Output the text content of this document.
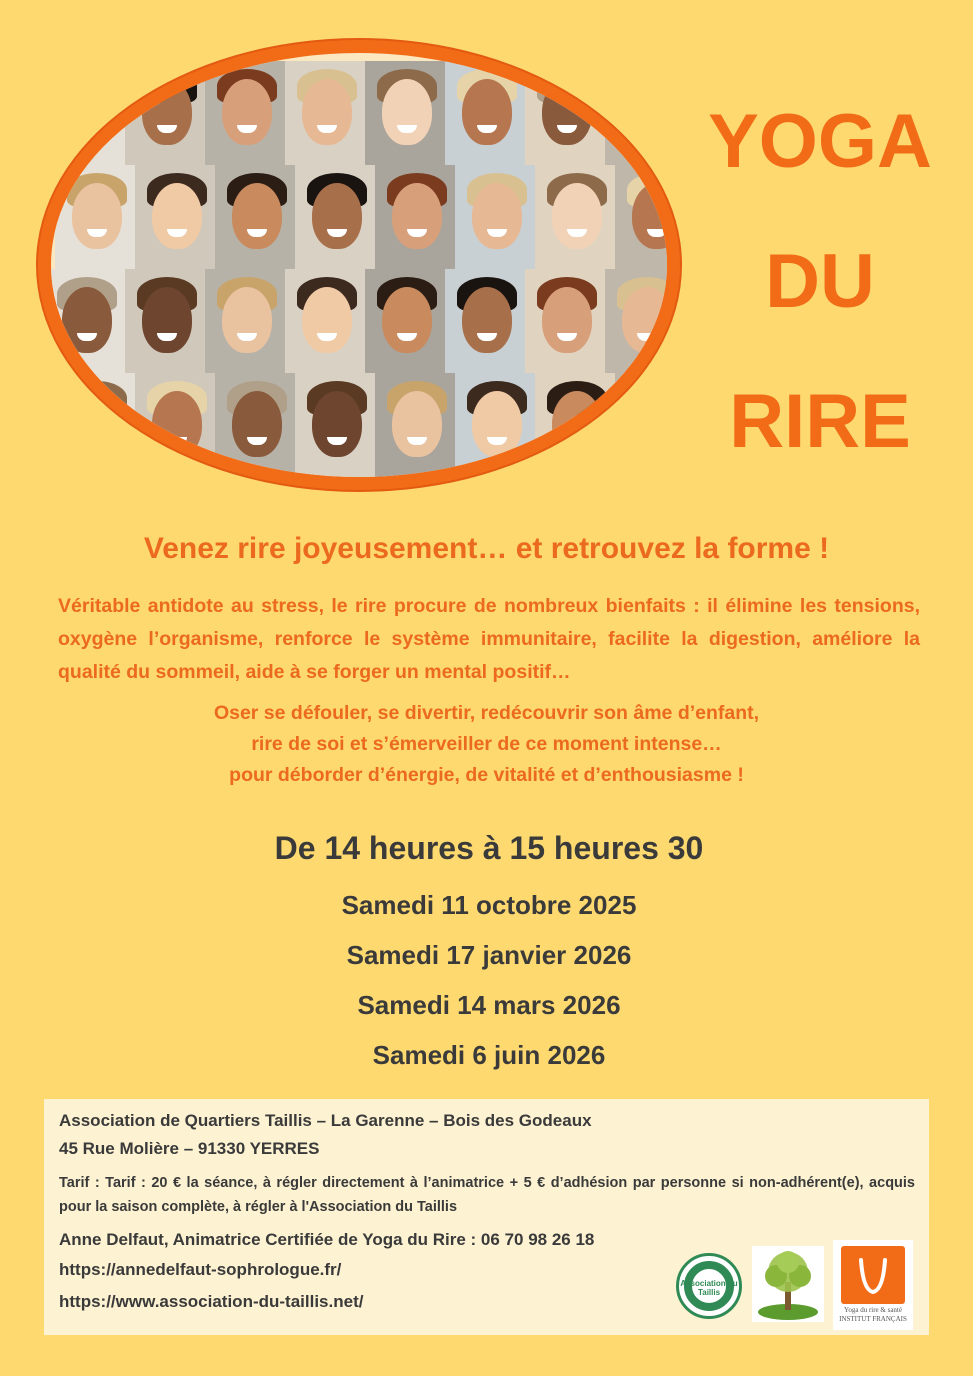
YOGA
DU
RIRE
Venez rire joyeusement… et retrouvez la forme !
Véritable antidote au stress, le rire procure de nombreux bienfaits : il élimine les tensions, oxygène l’organisme, renforce le système immunitaire, facilite la digestion, améliore la qualité du sommeil, aide à se forger un mental positif…
Oser se défouler, se divertir, redécouvrir son âme d’enfant,
rire de soi et s’émerveiller de ce moment intense…
pour déborder d’énergie, de vitalité et d’enthousiasme !
De 14 heures à 15 heures 30
Samedi 11 octobre 2025
Samedi 17 janvier 2026
Samedi 14 mars 2026
Samedi 6 juin 2026
Association de Quartiers Taillis – La Garenne – Bois des Godeaux
45 Rue Molière – 91330 YERRES
Tarif : Tarif : 20 € la séance, à régler directement à l’animatrice + 5 € d’adhésion par personne si non-adhérent(e), acquis pour la saison complète, à régler à l'Association du Taillis
Anne Delfaut, Animatrice Certifiée de Yoga du Rire : 06 70 98 26 18
https://annedelfaut-sophrologue.fr/
https://www.association-du-taillis.net/
Association du Taillis
Yoga du rire & santé
INSTITUT FRANÇAIS
